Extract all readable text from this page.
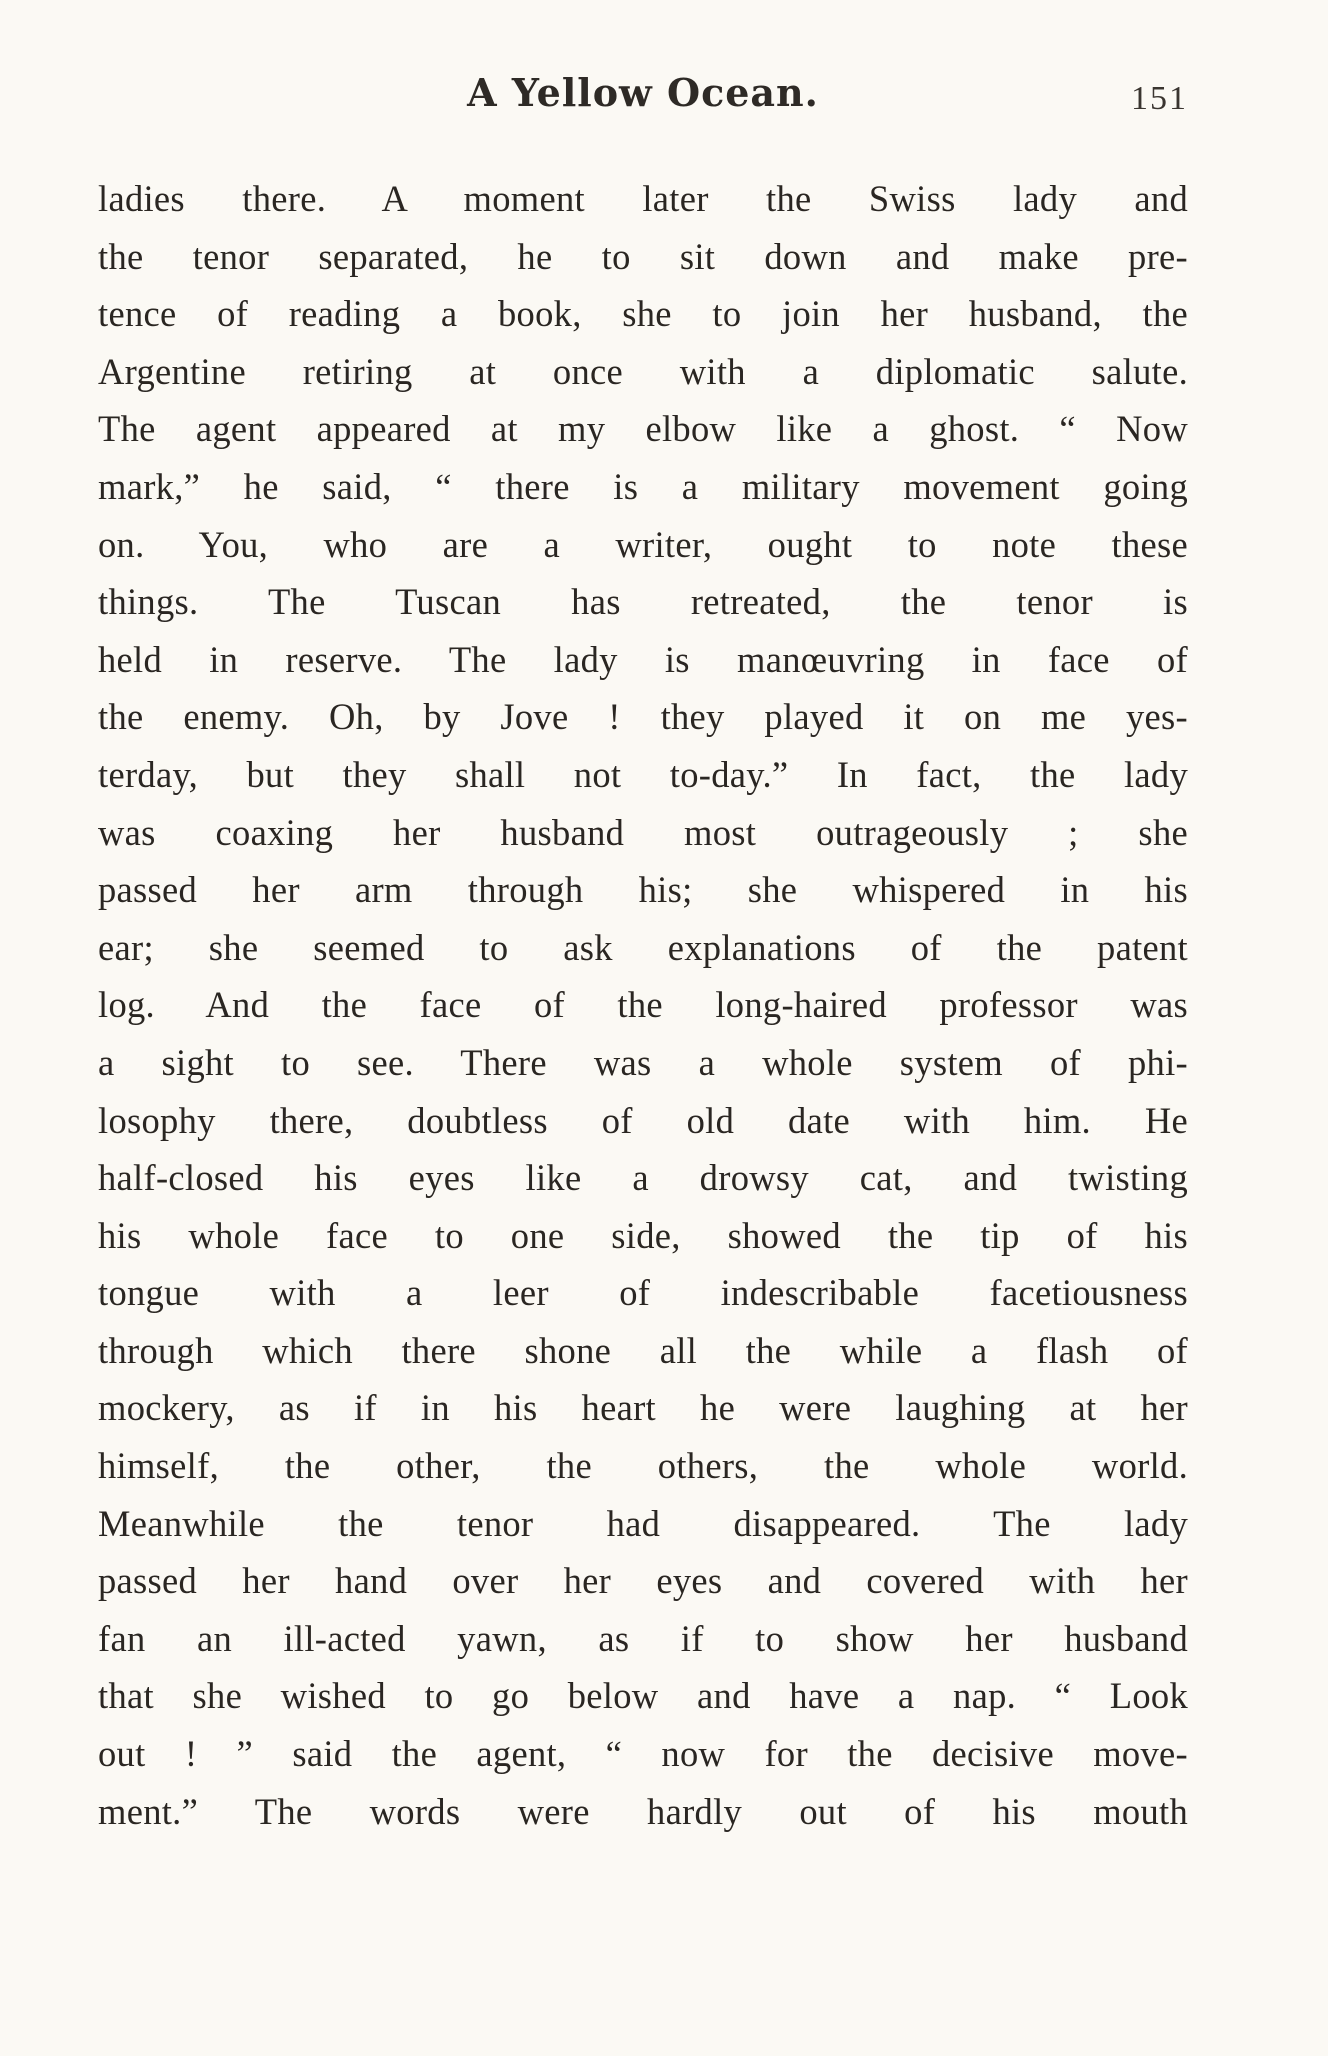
A Yellow Ocean.	151
ladies there. A moment later the Swiss lady and
the tenor separated, he to sit down and make pre-
tence of reading a book, she to join her husband, the
Argentine retiring at once with a diplomatic salute.
The agent appeared at my elbow like a ghost. “ Now
mark,” he said, “ there is a military movement going
on. You, who are a writer, ought to note these
things. The Tuscan has retreated, the tenor is
held in reserve. The lady is manœuvring in face of
the enemy. Oh, by Jove ! they played it on me yes-
terday, but they shall not to-day.” In fact, the lady
was coaxing her husband most outrageously ; she
passed her arm through his; she whispered in his
ear; she seemed to ask explanations of the patent
log. And the face of the long-haired professor was
a sight to see. There was a whole system of phi-
losophy there, doubtless of old date with him. He
half-closed his eyes like a drowsy cat, and twisting
his whole face to one side, showed the tip of his
tongue with a leer of indescribable facetiousness
through which there shone all the while a flash of
mockery, as if in his heart he were laughing at her
himself, the other, the others, the whole world.
Meanwhile the tenor had disappeared. The lady
passed her hand over her eyes and covered with her
fan an ill-acted yawn, as if to show her husband
that she wished to go below and have a nap. “ Look
out ! ” said the agent, “ now for the decisive move-
ment.” The words were hardly out of his mouth
